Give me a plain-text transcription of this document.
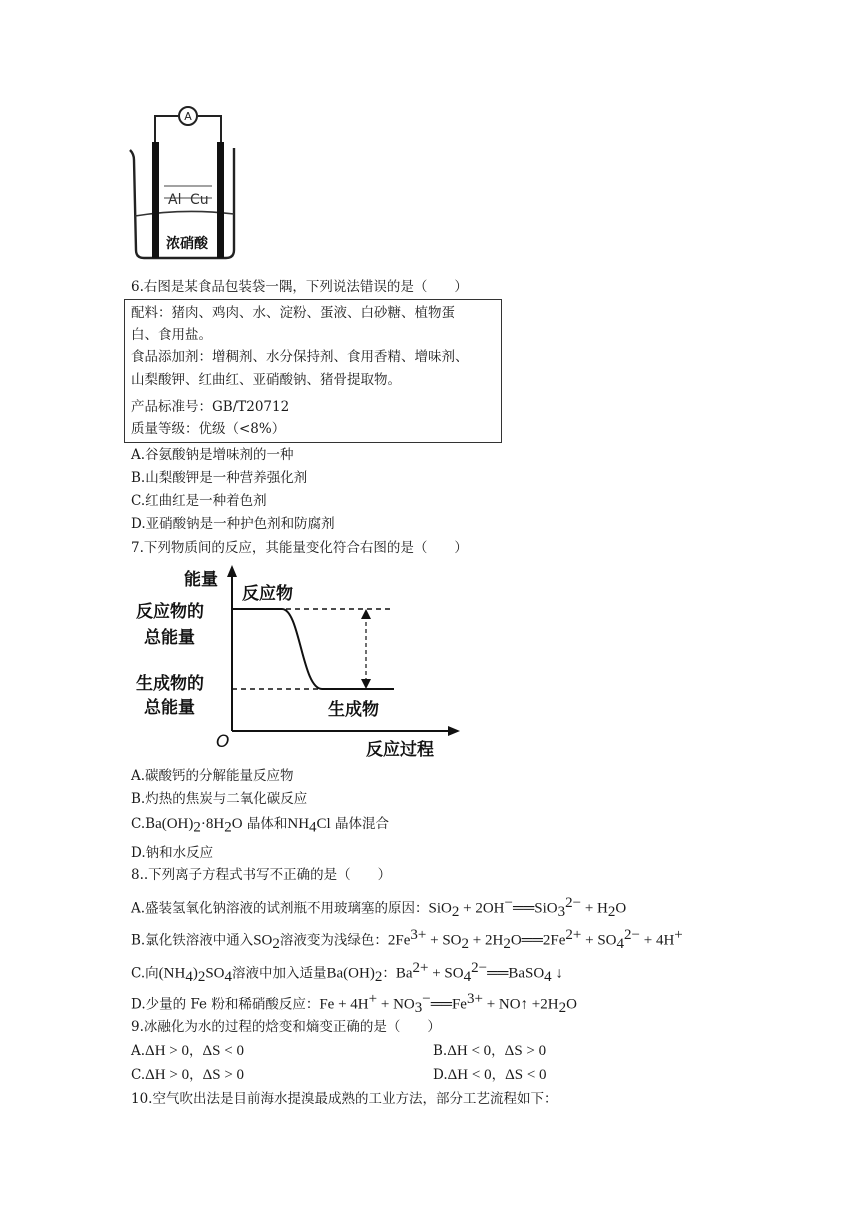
A
Al Cu
浓硝酸
6.右图是某食品包装袋一隅，下列说法错误的是（　　）
配料：猪肉、鸡肉、水、淀粉、蛋液、白砂糖、植物蛋
白、食用盐。
食品添加剂：增稠剂、水分保持剂、食用香精、增味剂、
山梨酸钾、红曲红、亚硝酸钠、猪骨提取物。
产品标准号：GB/T20712
质量等级：优级（<8%）
A.谷氨酸钠是增味剂的一种
B.山梨酸钾是一种营养强化剂
C.红曲红是一种着色剂
D.亚硝酸钠是一种护色剂和防腐剂
7.下列物质间的反应，其能量变化符合右图的是（　　）
能量
反应物
反应物的
总能量
生成物的
总能量	生成物
O	反应过程
A.碳酸钙的分解能量反应物
B.灼热的焦炭与二氧化碳反应
$C.Ba(OH)_2\cdot 8H_2O$ 晶体和$NH_4Cl$ 晶体混合
D.钠和水反应
8..下列离子方程式书写不正确的是（　　）
A.盛装氢氧化钠溶液的试剂瓶不用玻璃塞的原因：SiO$_2$ + 2OH−══SiO$_3^{2-}$ + $H_2O$
B.氯化铁溶液中通入$SO_2$溶液变为浅绿色：$2Fe^{3+} + SO_2$ + $2H_2O══2Fe^{2+} + SO_4^{2-} + 4H^+$
C.向$(NH_4)_2SO_4$溶液中加入适量$Ba(OH)_2$：$Ba^{2+}$ + $SO_4^{2-}══BaSO_4$ ↓
D.少量的 Fe 粉和稀硝酸反应：$Fe + 4H^+ + NO_3^-══Fe^{3+}$ + NO↑ $+2H_2O$
9.冰融化为水的过程的焓变和熵变正确的是（　　）
A.ΔH > 0，ΔS < 0	B.ΔH < 0，ΔS > 0
C.ΔH > 0，ΔS > 0	D.ΔH < 0，ΔS < 0
10.空气吹出法是目前海水提溴最成熟的工业方法，部分工艺流程如下：
